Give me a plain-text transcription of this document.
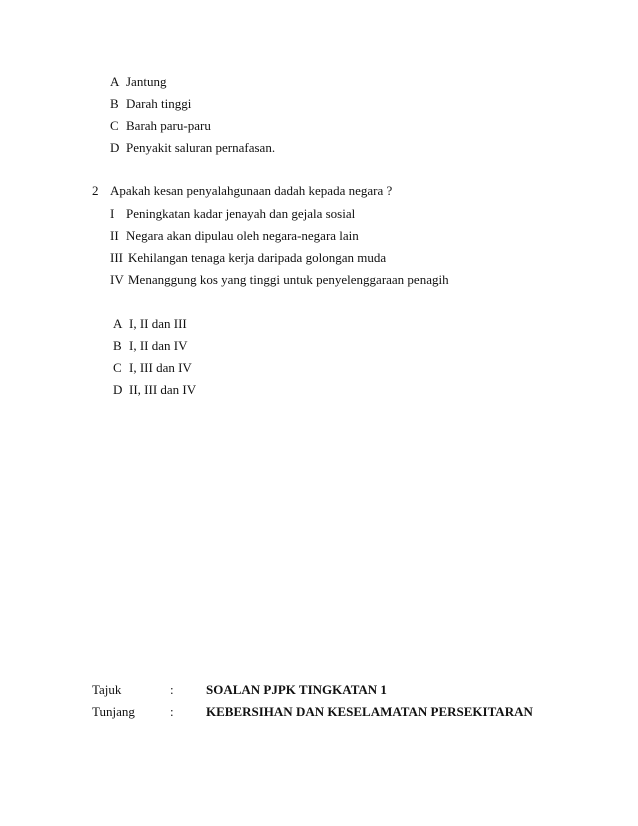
A Jantung
B Darah tinggi
C Barah paru-paru
D Penyakit saluran pernafasan.
2 Apakah kesan penyalahgunaan dadah kepada negara ?
I Peningkatan kadar jenayah dan gejala sosial
II Negara akan dipulau oleh negara-negara lain
III Kehilangan tenaga kerja daripada golongan muda
IV Menanggung kos yang tinggi untuk penyelenggaraan penagih
A I, II dan III
B I, II dan IV
C I, III dan IV
D II, III dan IV
Tajuk	: SOALAN PJPK TINGKATAN 1
Tunjang	: KEBERSIHAN DAN KESELAMATAN PERSEKITARAN
